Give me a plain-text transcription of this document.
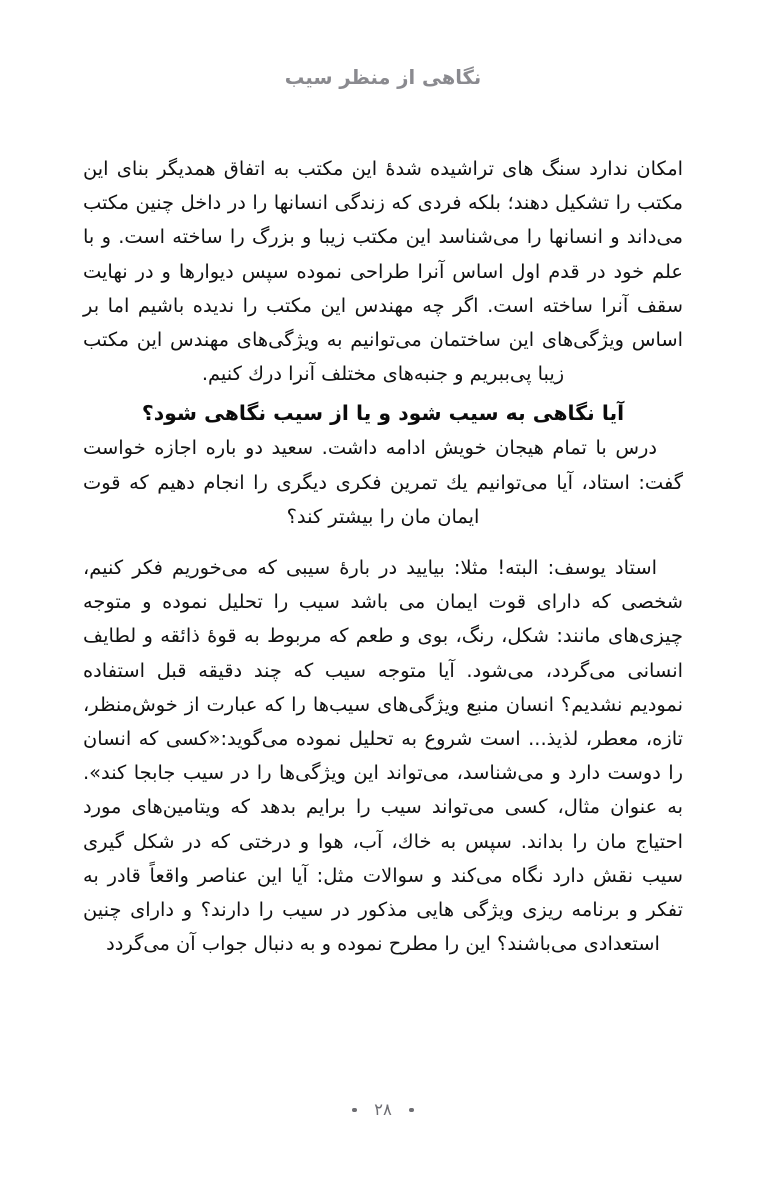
نگاهی از منظر سیب

امکان ندارد سنگ های تراشیده شدهٔ این مکتب به اتفاق همدیگر بنای این مکتب را تشکیل دهند؛ بلکه فردی که زندگی انسانها را در داخل چنین مکتب می‌داند و انسانها را می‌شناسد این مکتب زیبا و بزرگ را ساخته است. و با علم خود در قدم اول اساس آنرا طراحی نموده سپس دیوارها و در نهایت سقف آنرا ساخته است. اگر چه مهندس این مکتب را ندیده باشیم اما بر اساس ویژگی‌های این ساختمان می‌توانیم به ویژگی‌های مهندس این مکتب زیبا پی‌ببریم و جنبه‌های مختلف آنرا درك کنیم.

آیا نگاهی به سیب شود و یا از سیب نگاهی شود؟

درس با تمام هیجان خویش ادامه داشت. سعید دو باره اجازه خواست گفت: استاد، آیا می‌توانیم یك تمرین فکری دیگری را انجام دهیم که قوت ایمان مان را بیشتر کند؟

استاد یوسف: البته! مثلا: بیایید در بارهٔ سیبی که می‌خوریم فکر کنیم، شخصی که دارای قوت ایمان می باشد سیب را تحلیل نموده و متوجه چیزی‌های مانند: شکل، رنگ، بوی و طعم که مربوط به قوهٔ ذائقه و لطایف انسانی می‌گردد، می‌شود. آیا متوجه سیب که چند دقیقه قبل استفاده نمودیم نشدیم؟ انسان منبع ویژگی‌های سیب‌ها را که عبارت از خوش‌منظر، تازه، معطر، لذیذ... است شروع به تحلیل نموده می‌گوید:«کسی که انسان را دوست دارد و می‌شناسد، می‌تواند این ویژگی‌ها را در سیب جابجا کند». به عنوان مثال، کسی می‌تواند سیب را برایم بدهد که ویتامین‌های مورد احتیاج مان را بداند. سپس به خاك، آب، هوا و درختی که در شکل گیری سیب نقش دارد نگاه می‌کند و سوالات مثل: آیا این عناصر واقعاً قادر به تفکر و برنامه ریزی ویژگی هایی مذکور در سیب را دارند؟ و دارای چنین استعدادی می‌باشند؟ این را مطرح نموده و به دنبال جواب آن می‌گردد

۲۸
